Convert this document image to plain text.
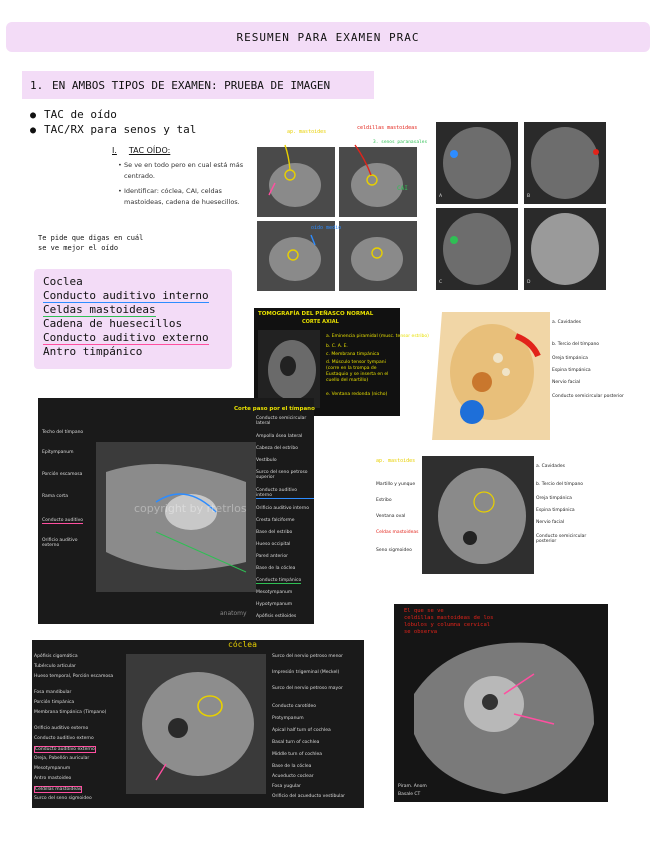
RESUMEN PARA EXAMEN PRAC
1. EN AMBOS TIPOS DE EXAMEN: PRUEBA DE IMAGEN
● TAC de oído
● TAC/RX para senos y tal
I. TAC OÍDO:
• Se ve en todo pero en cual está más centrado.
• Identificar: cóclea, CAI, celdas mastoideas, cadena de huesecillos.
Te pide que digas en cuál
se ve mejor el oído
Coclea
Conducto auditivo interno
Celdas mastoideas
Cadena de huesecillos
Conducto auditivo externo
Antro timpánico
ap. mastoides
celdillas mastoideas
3. senos paranasales
CAI
oído medio
A	B
C	D
TOMOGRAFÍA DEL PEÑASCO NORMAL
CORTE AXIAL
a. Eminencia piramidal (musc. tensor estribo)
b. C. A. E.
c. Membrana timpánica
d. Músculo tensor tympani (corre en la trompa de Eustaquio y se inserta en el cuello del martillo)
e. Ventana redonda (nicho)
a. Cavidades
b. Tercio del tímpano
Oreja timpánica
Espina timpánica
Nervio facial
Conducto semicircular posterior
copyright by rtetrlos
anatomy
Corte paso por el tímpano
Techo del tímpano
Epitympanum
Porción escamosa
Rama corta
Conducto auditivo
Orificio auditivo externo
Conducto semicircular lateral
Ampolla ósea lateral
Cabeza del estribo
Vestíbulo
Surco del seno petroso superior
Conducto auditivo interno
Orificio auditivo interno
Cresta falciforme
Base del estribo
Hueso occipital
Pared anterior
Base de la cóclea
Conducto timpánico
Mesotympanum
Hypotympanum
Apófisis estiloides
ap. mastoides
Martillo y yunque
Estribo
Ventana oval
Celdas mastoideas
Seno sigmoideo
a. Cavidades
b. Tercio del tímpano
Oreja timpánica
Espina timpánica
Nervio facial
Conducto semicircular posterior
cóclea
Apófisis cigomática
Tubérculo articular
Hueso temporal, Porción escamosa
Fosa mandibular
Porción timpánica
Membrana timpánica (Tímpano)
Orificio auditivo externo
Conducto auditivo externo
Conducto auditivo externo
Oreja, Pabellón auricular
Mesotympanum
Antro mastoideo
Celdillas mastoideas
Surco del seno sigmoideo
Surco del nervio petroso menor
Impresión trigeminal (Meckel)
Surco del nervio petroso mayor
Conducto carotídeo
Protympanum
Apical half turn of cochlea
Basal turn of cochlea
Middle turn of cochlea
Base de la cóclea
Acueducto coclear
Fosa yugular
Orificio del acueducto vestibular
El que se ve
celdillas mastoideas de los
lóbulos y columna cervical
se observa
Piram. Anom
Basale CT
